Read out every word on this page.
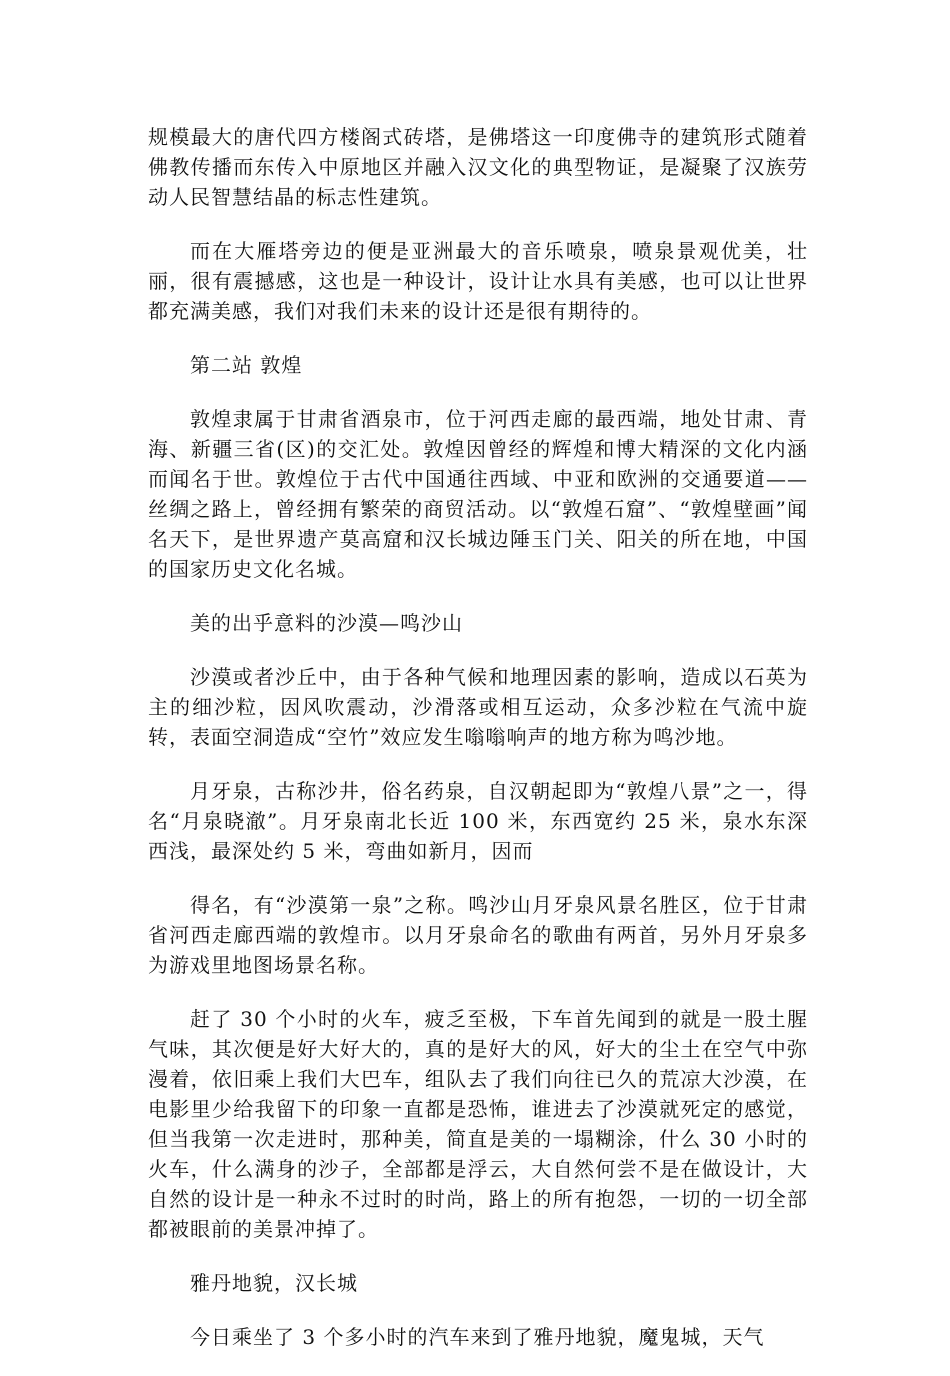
规模最大的唐代四方楼阁式砖塔，是佛塔这一印度佛寺的建筑形式随着佛教传播而东传入中原地区并融入汉文化的典型物证，是凝聚了汉族劳动人民智慧结晶的标志性建筑。

而在大雁塔旁边的便是亚洲最大的音乐喷泉，喷泉景观优美，壮丽，很有震撼感，这也是一种设计，设计让水具有美感，也可以让世界都充满美感，我们对我们未来的设计还是很有期待的。

第二站 敦煌

敦煌隶属于甘肃省酒泉市，位于河西走廊的最西端，地处甘肃、青海、新疆三省(区)的交汇处。敦煌因曾经的辉煌和博大精深的文化内涵而闻名于世。敦煌位于古代中国通往西域、中亚和欧洲的交通要道——丝绸之路上，曾经拥有繁荣的商贸活动。以“敦煌石窟”、“敦煌壁画”闻名天下，是世界遗产莫高窟和汉长城边陲玉门关、阳关的所在地，中国的国家历史文化名城。

美的出乎意料的沙漠—鸣沙山

沙漠或者沙丘中，由于各种气候和地理因素的影响，造成以石英为主的细沙粒，因风吹震动，沙滑落或相互运动，众多沙粒在气流中旋转，表面空洞造成“空竹”效应发生嗡嗡响声的地方称为鸣沙地。

月牙泉，古称沙井，俗名药泉，自汉朝起即为“敦煌八景”之一，得名“月泉晓澈”。月牙泉南北长近 100 米，东西宽约 25 米，泉水东深西浅，最深处约 5 米，弯曲如新月，因而

得名，有“沙漠第一泉”之称。鸣沙山月牙泉风景名胜区，位于甘肃省河西走廊西端的敦煌市。以月牙泉命名的歌曲有两首，另外月牙泉多为游戏里地图场景名称。

赶了 30 个小时的火车，疲乏至极，下车首先闻到的就是一股土腥气味，其次便是好大好大的，真的是好大的风，好大的尘土在空气中弥漫着，依旧乘上我们大巴车，组队去了我们向往已久的荒凉大沙漠，在电影里少给我留下的印象一直都是恐怖，谁进去了沙漠就死定的感觉，但当我第一次走进时，那种美，简直是美的一塌糊涂，什么 30 小时的火车，什么满身的沙子，全部都是浮云，大自然何尝不是在做设计，大自然的设计是一种永不过时的时尚，路上的所有抱怨，一切的一切全部都被眼前的美景冲掉了。

雅丹地貌，汉长城

今日乘坐了 3 个多小时的汽车来到了雅丹地貌，魔鬼城，天气
